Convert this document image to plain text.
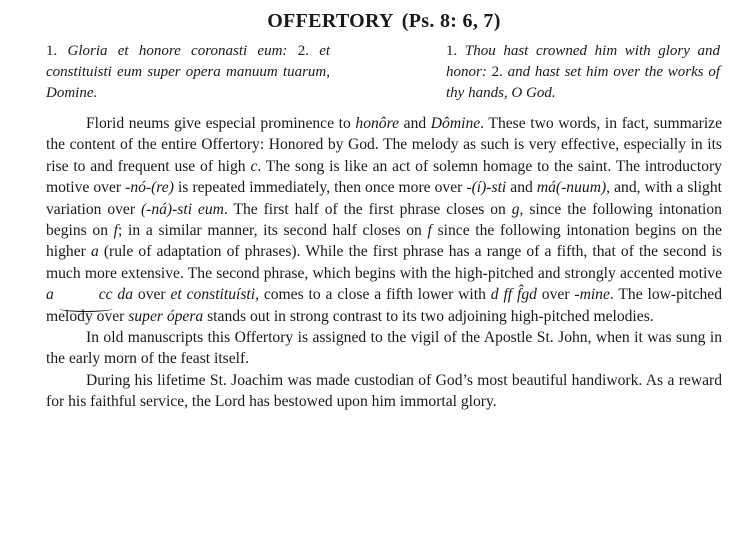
OFFERTORY (Ps. 8: 6, 7)
1. Gloria et honore coronasti eum: 2. et constituisti eum super opera manuum tuarum, Domine.
1. Thou hast crowned him with glory and honor: 2. and hast set him over the works of thy hands, O God.

Florid neums give especial prominence to honôre and Dômine. These two words, in fact, summarize the content of the entire Offertory: Honored by God. The melody as such is very effective, especially in its rise to and frequent use of high c. The song is like an act of solemn homage to the saint. The introductory motive over -nó-(re) is repeated immediately, then once more over -(í)-sti and má(-nuum), and, with a slight variation over (-ná)-sti eum. The first half of the first phrase closes on g, since the following intonation begins on f; in a similar manner, its second half closes on f since the following intonation begins on the higher a (rule of adaptation of phrases). While the first phrase has a range of a fifth, that of the second is much more extensive. The second phrase, which begins with the high-pitched and strongly accented motive a	cc da over et constituísti, comes to a close a fifth lower with d ff f̂gd over -mine. The low-pitched melody over super ópera stands out in strong contrast to its two adjoining high-pitched melodies.

In old manuscripts this Offertory is assigned to the vigil of the Apostle St. John, when it was sung in the early morn of the feast itself.

During his lifetime St. Joachim was made custodian of God’s most beautiful handiwork. As a reward for his faithful service, the Lord has bestowed upon him immortal glory.
